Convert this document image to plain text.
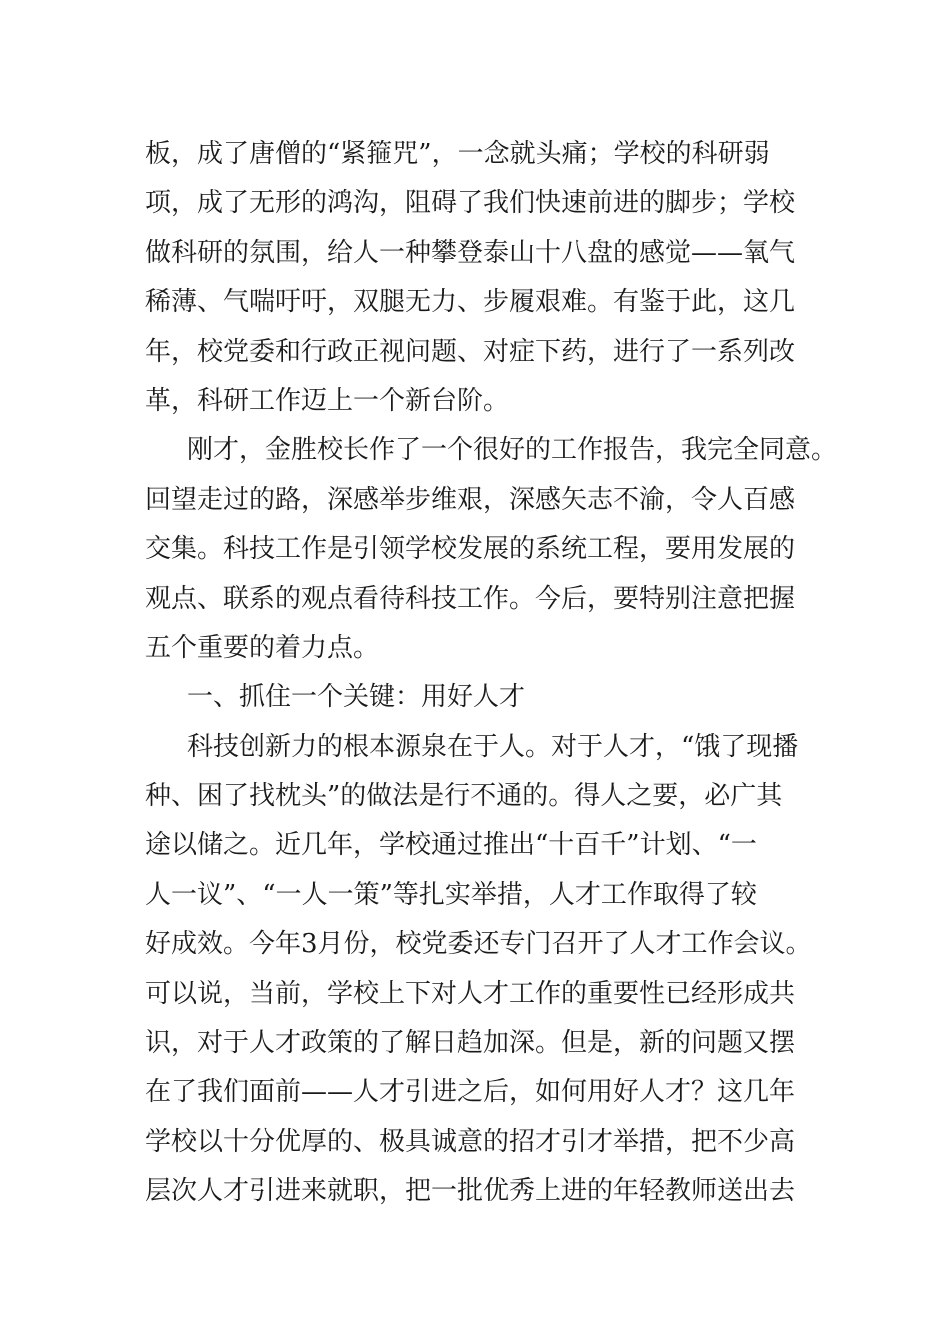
板，成了唐僧的“紧箍咒”，一念就头痛；学校的科研弱
项，成了无形的鸿沟，阻碍了我们快速前进的脚步；学校
做科研的氛围，给人一种攀登泰山十八盘的感觉——氧气
稀薄、气喘吁吁，双腿无力、步履艰难。有鉴于此，这几
年，校党委和行政正视问题、对症下药，进行了一系列改
革，科研工作迈上一个新台阶。
刚才，金胜校长作了一个很好的工作报告，我完全同意。
回望走过的路，深感举步维艰，深感矢志不渝，令人百感
交集。科技工作是引领学校发展的系统工程，要用发展的
观点、联系的观点看待科技工作。今后，要特别注意把握
五个重要的着力点。
一、抓住一个关键：用好人才
科技创新力的根本源泉在于人。对于人才，“饿了现播
种、困了找枕头”的做法是行不通的。得人之要，必广其
途以储之。近几年，学校通过推出“十百千”计划、“一
人一议”、“一人一策”等扎实举措，人才工作取得了较
好成效。今年3月份，校党委还专门召开了人才工作会议。
可以说，当前，学校上下对人才工作的重要性已经形成共
识，对于人才政策的了解日趋加深。但是，新的问题又摆
在了我们面前——人才引进之后，如何用好人才？这几年
学校以十分优厚的、极具诚意的招才引才举措，把不少高
层次人才引进来就职，把一批优秀上进的年轻教师送出去
